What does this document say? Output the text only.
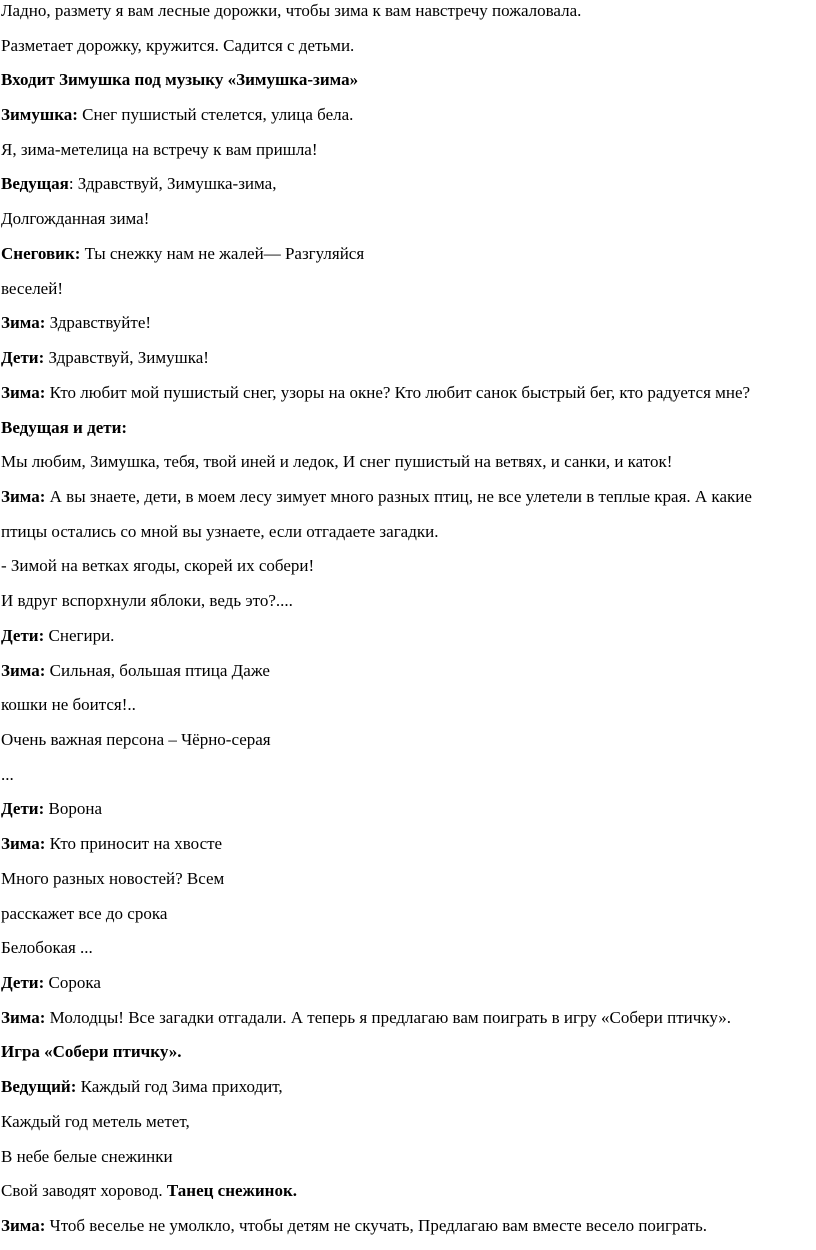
Ладно, размету я вам лесные дорожки, чтобы зима к вам навстречу пожаловала.
Разметает дорожку, кружится. Садится с детьми.
Входит Зимушка под музыку «Зимушка-зима»
Зимушка: Снег пушистый стелется, улица бела.
Я, зима-метелица на встречу к вам пришла!
Ведущая: Здравствуй, Зимушка-зима,
Долгожданная зима!
Снеговик: Ты снежку нам не жалей— Разгуляйся
веселей!
Зима: Здравствуйте!
Дети: Здравствуй, Зимушка!
Зима: Кто любит мой пушистый снег, узоры на окне? Кто любит санок быстрый бег, кто радуется мне?
Ведущая и дети:
Мы любим, Зимушка, тебя, твой иней и ледок, И снег пушистый на ветвях, и санки, и каток!
Зима: А вы знаете, дети, в моем лесу зимует много разных птиц, не все улетели в теплые края. А какие
птицы остались со мной вы узнаете, если отгадаете загадки.
- Зимой на ветках ягоды, скорей их собери!
И вдруг вспорхнули яблоки, ведь это?....
Дети: Снегири.
Зима: Сильная, большая птица Даже
кошки не боится!..
Очень важная персона – Чёрно-серая
...
Дети: Ворона
Зима: Кто приносит на хвосте
Много разных новостей? Всем
расскажет все до срока
Белобокая ...
Дети: Сорока
Зима: Молодцы! Все загадки отгадали. А теперь я предлагаю вам поиграть в игру «Собери птичку».
Игра «Собери птичку».
Ведущий: Каждый год Зима приходит,
Каждый год метель метет,
В небе белые снежинки
Свой заводят хоровод. Танец снежинок.
Зима: Чтоб веселье не умолкло, чтобы детям не скучать, Предлагаю вам вместе весело поиграть.
